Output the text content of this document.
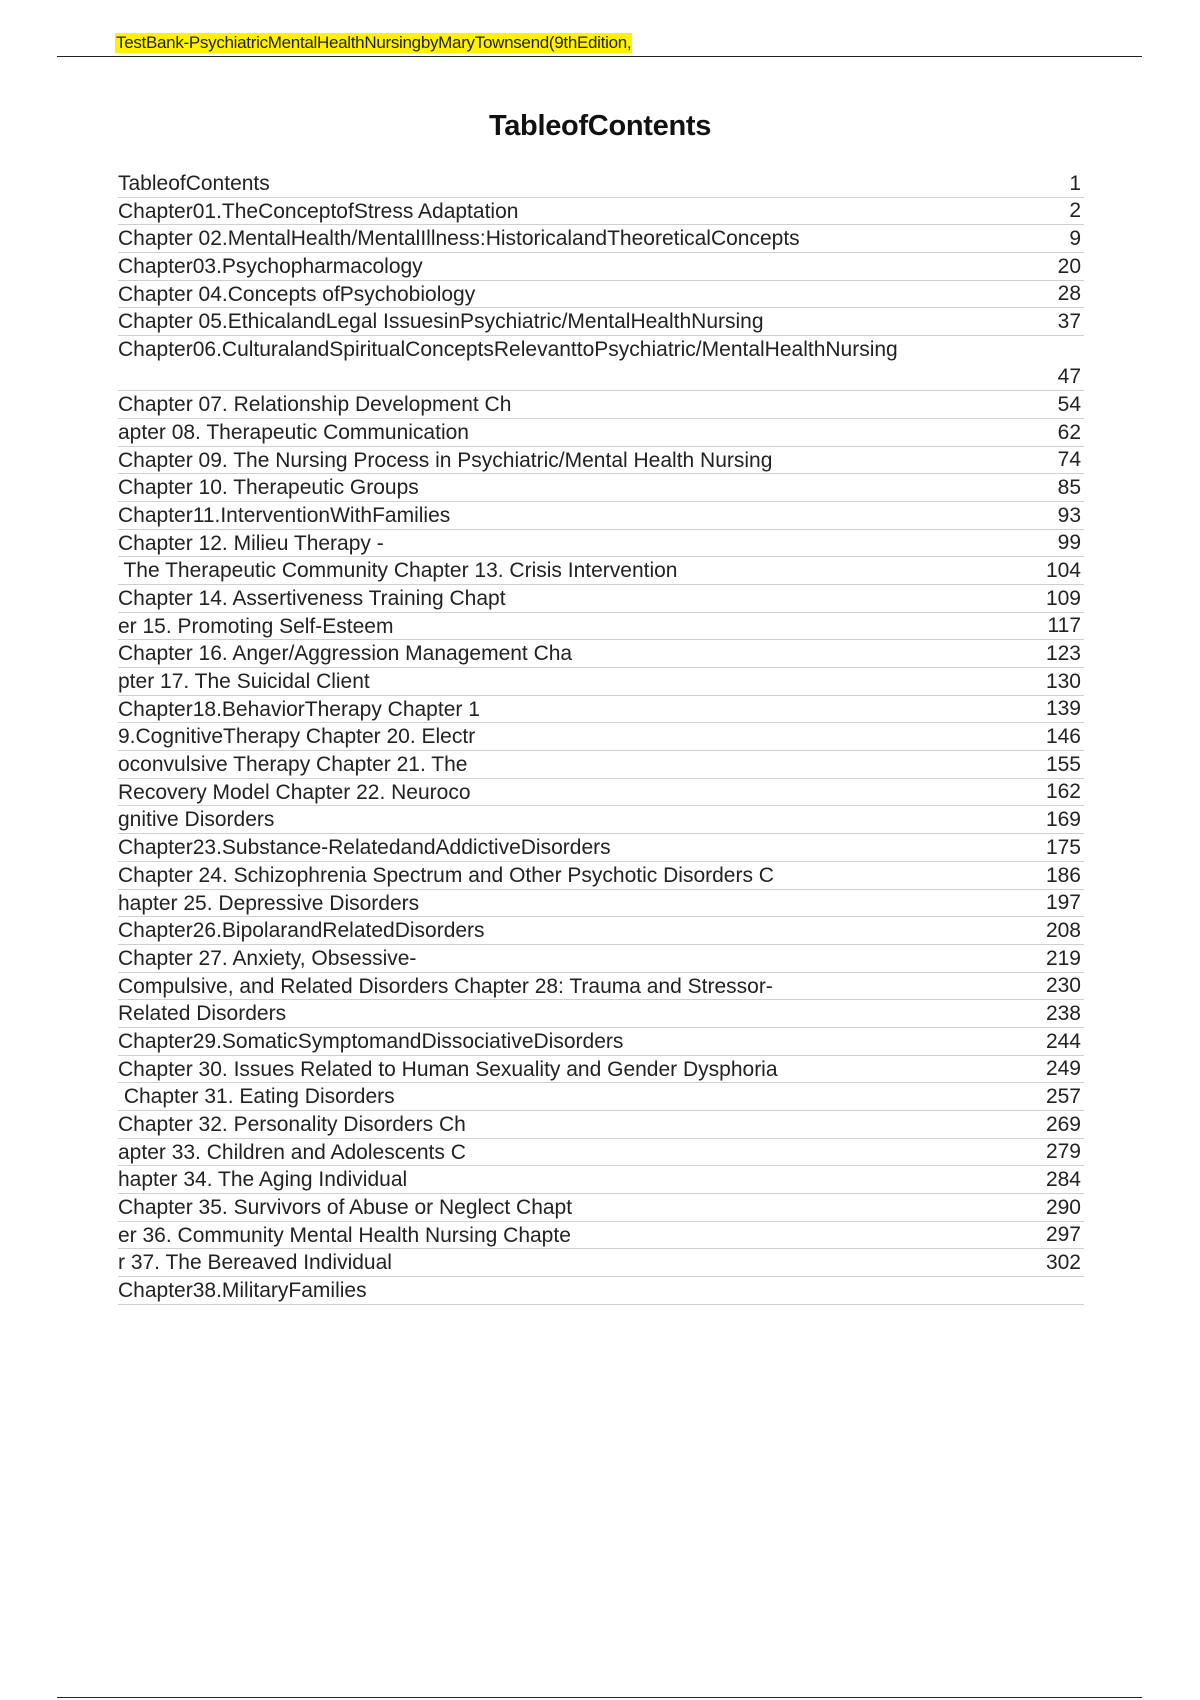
TestBank-PsychiatricMentalHealthNursingbyMaryTownsend(9thEdition,
TableofContents
TableofContents	1
Chapter01.TheConceptofStress Adaptation	2
Chapter 02.MentalHealth/MentalIllness:HistoricalandTheoreticalConcepts	9
Chapter03.Psychopharmacology	20
Chapter 04.Concepts ofPsychobiology	28
Chapter 05.EthicalandLegal IssuesinPsychiatric/MentalHealthNursing	37
Chapter06.CulturalandSpiritualConceptsRelevanttoPsychiatric/MentalHealthNursing
47
Chapter 07. Relationship Development Ch	54
apter 08. Therapeutic Communication	62
Chapter 09. The Nursing Process in Psychiatric/Mental Health Nursing	74
Chapter 10. Therapeutic Groups	85
Chapter11.InterventionWithFamilies	93
Chapter 12. Milieu Therapy -	99
The Therapeutic Community Chapter 13. Crisis Intervention	104
Chapter 14. Assertiveness Training Chapt	109
er 15. Promoting Self-Esteem	117
Chapter 16. Anger/Aggression Management Cha	123
pter 17. The Suicidal Client	130
Chapter18.BehaviorTherapy Chapter 1	139
9.CognitiveTherapy Chapter 20. Electr	146
oconvulsive Therapy Chapter 21. The	155
Recovery Model Chapter 22. Neuroco	162
gnitive Disorders	169
Chapter23.Substance-RelatedandAddictiveDisorders	175
Chapter 24. Schizophrenia Spectrum and Other Psychotic Disorders C	186
hapter 25. Depressive Disorders	197
Chapter26.BipolarandRelatedDisorders	208
Chapter 27. Anxiety, Obsessive-	219
Compulsive, and Related Disorders Chapter 28: Trauma and Stressor-	230
Related Disorders	238
Chapter29.SomaticSymptomandDissociativeDisorders	244
Chapter 30. Issues Related to Human Sexuality and Gender Dysphoria	249
Chapter 31. Eating Disorders	257
Chapter 32. Personality Disorders Ch	269
apter 33. Children and Adolescents C	279
hapter 34. The Aging Individual	284
Chapter 35. Survivors of Abuse or Neglect Chapt	290
er 36. Community Mental Health Nursing Chapte	297
r 37. The Bereaved Individual	302
Chapter38.MilitaryFamilies
